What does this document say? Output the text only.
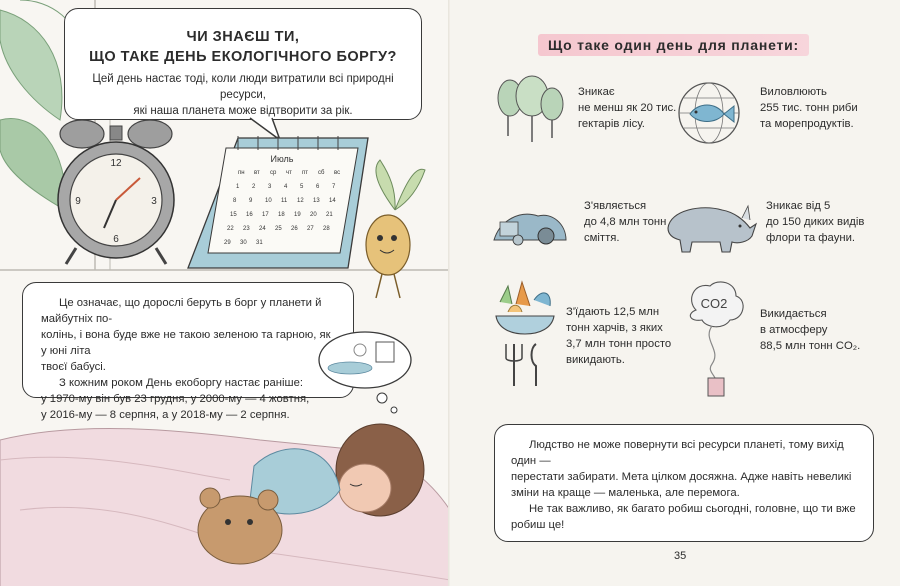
ЧИ ЗНАЄШ ТИ,
ЩО ТАКЕ ДЕНЬ ЕКОЛОГІЧНОГО БОРГУ?
Цей день настає тоді, коли люди витратили всі природні ресурси,
які наша планета може відтворити за рік.
12
3
6
9
Июль
пн вт ср чт пт сб вс
1 2 3 4 5 6 7
8 9 10 11 12 13 14
15 16 17 18 19 20 21
22 23 24 25 26 27 28
29 30 31

Це означає, що дорослі беруть в борг у планети й майбутніх по-
колінь, і вона буде вже не такою зеленою та гарною, як у юні літа
твоєї бабусі.

З кожним роком День екоборгу настає раніше:

у 1970-му він був 23 грудня, у 2000-му — 4 жовтня,
у 2016-му — 8 серпня, а у 2018-му — 2 серпня.

Що таке один день для планети:
Зникає
не менш як 20 тис.
гектарів лісу.
Виловлюють
255 тис. тонн риби
та морепродуктів.
З'являється
до 4,8 млн тонн
сміття.
Зникає від 5
до 150 диких видів
флори та фауни.
З'їдають 12,5 млн
тонн харчів, з яких
3,7 млн тонн просто
викидають.
CO2
Викидається
в атмосферу
88,5 млн тонн CO₂.

Людство не може повернути всі ресурси планеті, тому вихід один —
перестати забирати. Мета цілком досяжна. Адже навіть невеликі
зміни на краще — маленька, але перемога.

Не так важливо, як багато робиш сьогодні, головне, що ти вже
робиш це!

35
